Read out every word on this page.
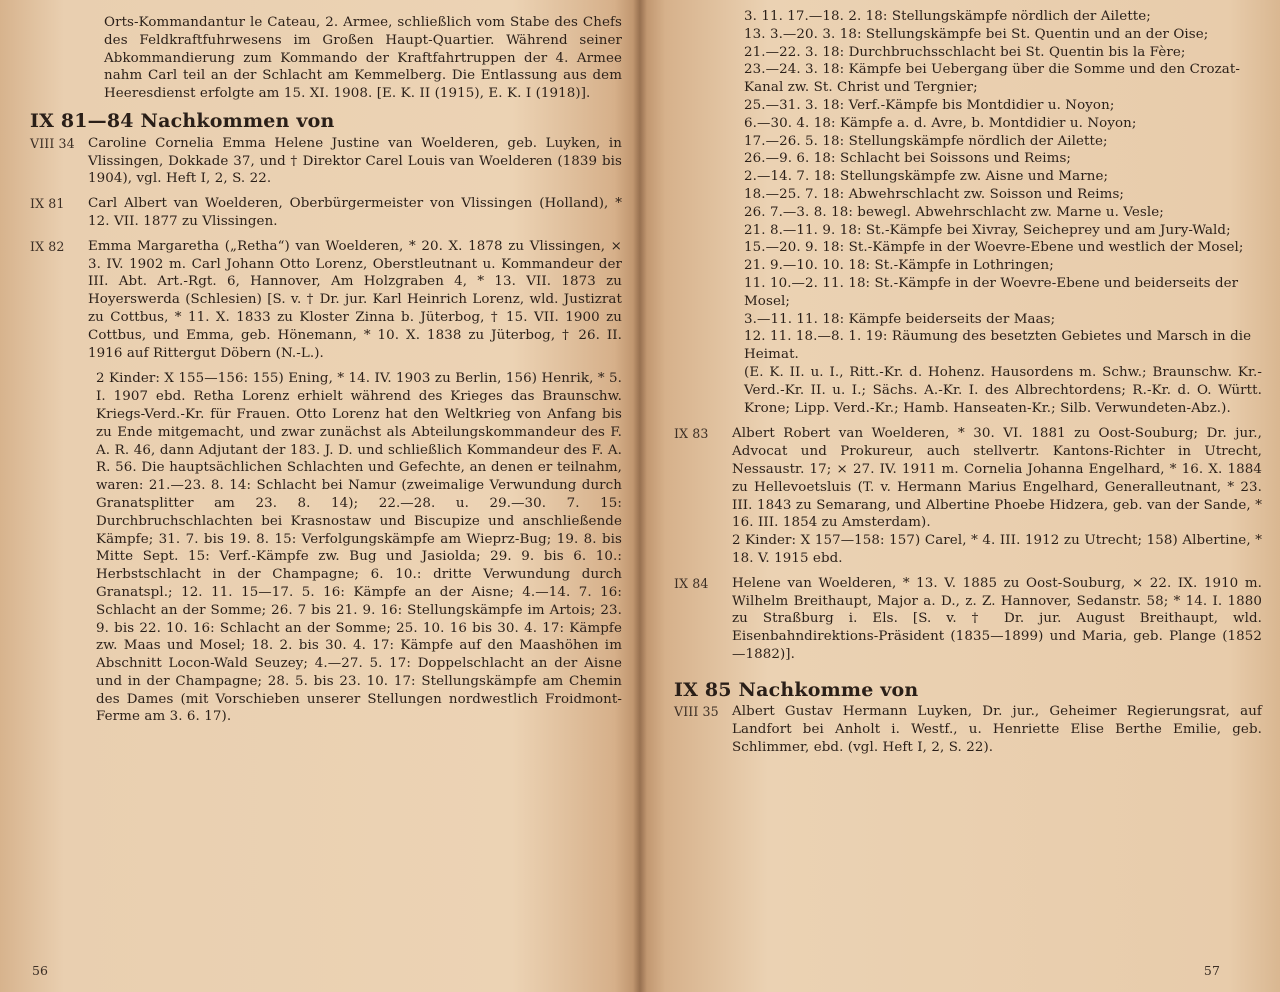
Orts-Kommandantur le Cateau, 2. Armee, schließlich vom Stabe des Chefs des Feldkraftfuhrwesens im Großen Haupt-Quartier. Während seiner Abkommandierung zum Kommando der Kraftfahrtruppen der 4. Armee nahm Carl teil an der Schlacht am Kemmelberg. Die Entlassung aus dem Heeresdienst erfolgte am 15. XI. 1908. [E. K. II (1915), E. K. I (1918)].
IX 81—84 Nachkommen von
VIII 34 Caroline Cornelia Emma Helene Justine van Woelderen, geb. Luyken, in Vlissingen, Dokkade 37, und † Direktor Carel Louis van Woelderen (1839 bis 1904), vgl. Heft I, 2, S. 22.
IX 81	Carl Albert van Woelderen, Oberbürgermeister von Vlissingen (Holland), * 12. VII. 1877 zu Vlissingen.
IX 82	Emma Margaretha („Retha“) van Woelderen, * 20. X. 1878 zu Vlissingen, × 3. IV. 1902 m. Carl Johann Otto Lorenz, Oberstleutnant u. Kommandeur der III. Abt. Art.-Rgt. 6, Hannover, Am Holzgraben 4, * 13. VII. 1873 zu Hoyerswerda (Schlesien) [S. v. † Dr. jur. Karl Heinrich Lorenz, wld. Justizrat zu Cottbus, * 11. X. 1833 zu Kloster Zinna b. Jüterbog, † 15. VII. 1900 zu Cottbus, und Emma, geb. Hönemann, * 10. X. 1838 zu Jüterbog, † 26. II. 1916 auf Rittergut Döbern (N.-L.).
2 Kinder: X 155—156: 155) Ening, * 14. IV. 1903 zu Berlin, 156) Henrik, * 5. I. 1907 ebd. Retha Lorenz erhielt während des Krieges das Braunschw. Kriegs-Verd.-Kr. für Frauen. Otto Lorenz hat den Weltkrieg von Anfang bis zu Ende mitgemacht, und zwar zunächst als Abteilungskommandeur des F. A. R. 46, dann Adjutant der 183. J. D. und schließlich Kommandeur des F. A. R. 56. Die hauptsächlichen Schlachten und Gefechte, an denen er teilnahm, waren: 21.—23. 8. 14: Schlacht bei Namur (zweimalige Verwundung durch Granatsplitter am 23. 8. 14); 22.—28. u. 29.—30. 7. 15: Durchbruchschlachten bei Krasnostaw und Biscupize und anschließende Kämpfe; 31. 7. bis 19. 8. 15: Verfolgungskämpfe am Wieprz-Bug; 19. 8. bis Mitte Sept. 15: Verf.-Kämpfe zw. Bug und Jasiolda; 29. 9. bis 6. 10.: Herbstschlacht in der Champagne; 6. 10.: dritte Verwundung durch Granatspl.; 12. 11. 15—17. 5. 16: Kämpfe an der Aisne; 4.—14. 7. 16: Schlacht an der Somme; 26. 7 bis 21. 9. 16: Stellungskämpfe im Artois; 23. 9. bis 22. 10. 16: Schlacht an der Somme; 25. 10. 16 bis 30. 4. 17: Kämpfe zw. Maas und Mosel; 18. 2. bis 30. 4. 17: Kämpfe auf den Maashöhen im Abschnitt Locon-Wald Seuzey; 4.—27. 5. 17: Doppelschlacht an der Aisne und in der Champagne; 28. 5. bis 23. 10. 17: Stellungskämpfe am Chemin des Dames (mit Vorschieben unserer Stellungen nordwestlich Froidmont-Ferme am 3. 6. 17).
56
3. 11. 17.—18. 2. 18: Stellungskämpfe nördlich der Ailette;
13. 3.—20. 3. 18: Stellungskämpfe bei St. Quentin und an der Oise;
21.—22. 3. 18: Durchbruchsschlacht bei St. Quentin bis la Fère;
23.—24. 3. 18: Kämpfe bei Uebergang über die Somme und den Crozat-Kanal zw. St. Christ und Tergnier;
25.—31. 3. 18: Verf.-Kämpfe bis Montdidier u. Noyon;
6.—30. 4. 18: Kämpfe a. d. Avre, b. Montdidier u. Noyon;
17.—26. 5. 18: Stellungskämpfe nördlich der Ailette;
26.—9. 6. 18: Schlacht bei Soissons und Reims;
2.—14. 7. 18: Stellungskämpfe zw. Aisne und Marne;
18.—25. 7. 18: Abwehrschlacht zw. Soisson und Reims;
26. 7.—3. 8. 18: bewegl. Abwehrschlacht zw. Marne u. Vesle;
21. 8.—11. 9. 18: St.-Kämpfe bei Xivray, Seicheprey und am Jury-Wald;
15.—20. 9. 18: St.-Kämpfe in der Woevre-Ebene und westlich der Mosel;
21. 9.—10. 10. 18: St.-Kämpfe in Lothringen;
11. 10.—2. 11. 18: St.-Kämpfe in der Woevre-Ebene und beiderseits der Mosel;
3.—11. 11. 18: Kämpfe beiderseits der Maas;
12. 11. 18.—8. 1. 19: Räumung des besetzten Gebietes und Marsch in die Heimat.
(E. K. II. u. I., Ritt.-Kr. d. Hohenz. Hausordens m. Schw.; Braunschw. Kr.-Verd.-Kr. II. u. I.; Sächs. A.-Kr. I. des Albrechtordens; R.-Kr. d. O. Württ. Krone; Lipp. Verd.-Kr.; Hamb. Hanseaten-Kr.; Silb. Verwundeten-Abz.).
IX 83	Albert Robert van Woelderen, * 30. VI. 1881 zu Oost-Souburg; Dr. jur., Advocat und Prokureur, auch stellvertr. Kantons-Richter in Utrecht, Nessaustr. 17; × 27. IV. 1911 m. Cornelia Johanna Engelhard, * 16. X. 1884 zu Hellevoetsluis (T. v. Hermann Marius Engelhard, Generalleutnant, * 23. III. 1843 zu Semarang, und Albertine Phoebe Hidzera, geb. van der Sande, * 16. III. 1854 zu Amsterdam).
2 Kinder: X 157—158: 157) Carel, * 4. III. 1912 zu Utrecht; 158) Albertine, * 18. V. 1915 ebd.
IX 84	Helene van Woelderen, * 13. V. 1885 zu Oost-Souburg, × 22. IX. 1910 m. Wilhelm Breithaupt, Major a. D., z. Z. Hannover, Sedanstr. 58; * 14. I. 1880 zu Straßburg i. Els. [S. v. † Dr. jur. August Breithaupt, wld. Eisenbahndirektions-Präsident (1835—1899) und Maria, geb. Plange (1852—1882)].
IX 85 Nachkomme von
VIII 35 Albert Gustav Hermann Luyken, Dr. jur., Geheimer Regierungsrat, auf Landfort bei Anholt i. Westf., u. Henriette Elise Berthe Emilie, geb. Schlimmer, ebd. (vgl. Heft I, 2, S. 22).
57
